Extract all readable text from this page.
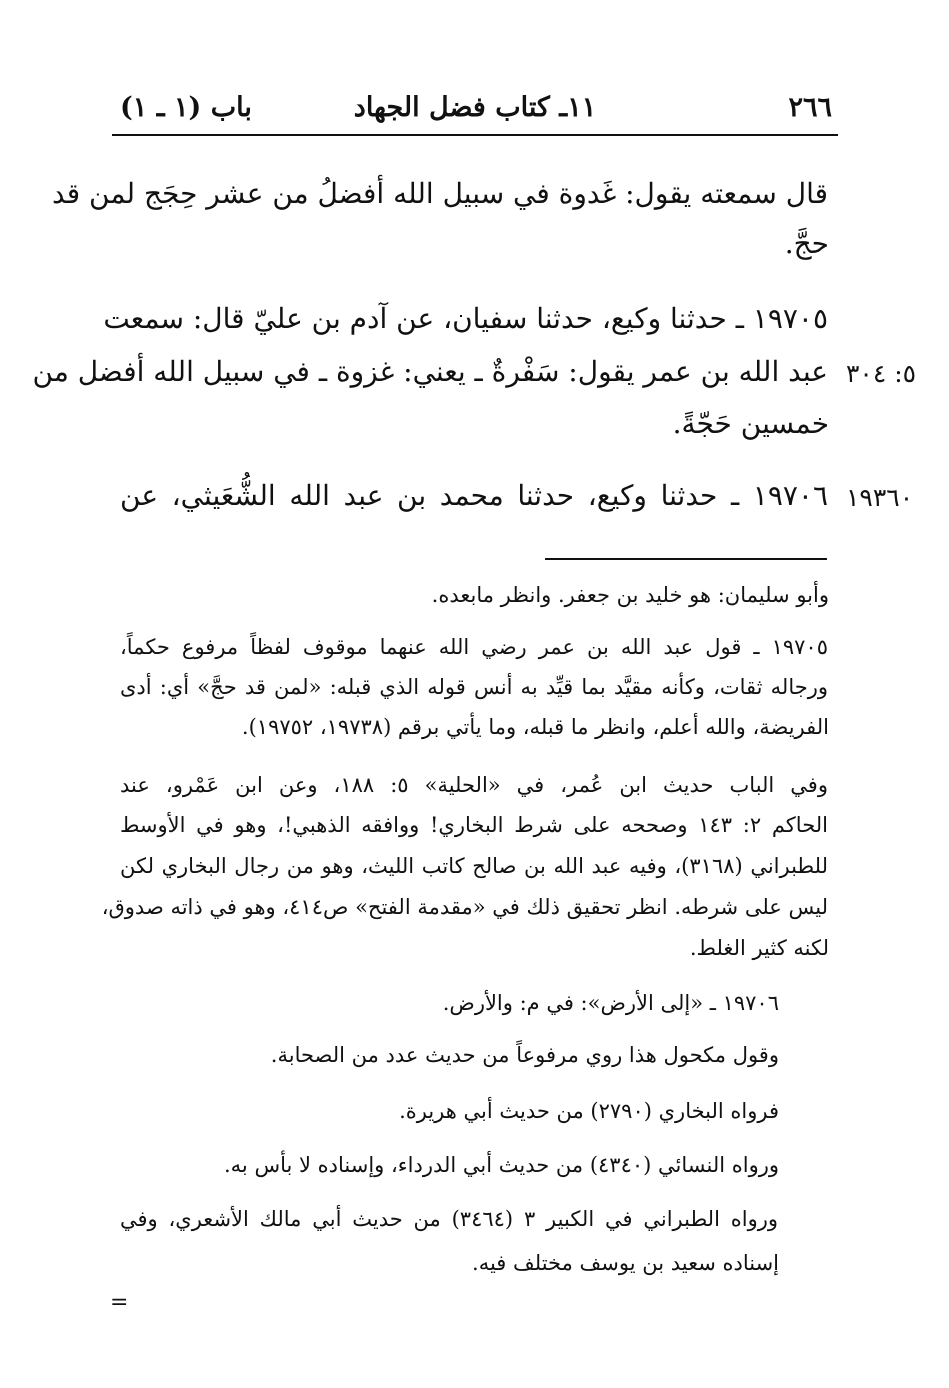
٢٦٦
١١ـ كتاب فضل الجهاد
باب (١ ـ ١)
قال سمعته يقول: غَدوة في سبيل الله أفضلُ من عشر حِجَج لمن قد
حجَّ.
١٩٧٠٥ ـ حدثنا وكيع، حدثنا سفيان، عن آدم بن عليّ قال: سمعت
عبد الله بن عمر يقول: سَفْرةٌ ـ يعني: غزوة ـ في سبيل الله أفضل من
خمسين حَجّةً.
١٩٧٠٦ ـ حدثنا وكيع، حدثنا محمد بن عبد الله الشُّعَيثي، عن
٥: ٣٠٤
١٩٣٦٠
وأبو سليمان: هو خليد بن جعفر. وانظر مابعده.
١٩٧٠٥ ـ قول عبد الله بن عمر رضي الله عنهما موقوف لفظاً مرفوع حكماً،
ورجاله ثقات، وكأنه مقيَّد بما قيِّد به أنس قوله الذي قبله: «لمن قد حجَّ» أي: أدى
الفريضة، والله أعلم، وانظر ما قبله، وما يأتي برقم (١٩٧٣٨، ١٩٧٥٢).
وفي الباب حديث ابن عُمر، في «الحلية» ٥: ١٨٨، وعن ابن عَمْرو، عند
الحاكم ٢: ١٤٣ وصححه على شرط البخاري! ووافقه الذهبي!، وهو في الأوسط
للطبراني (٣١٦٨)، وفيه عبد الله بن صالح كاتب الليث، وهو من رجال البخاري لكن
ليس على شرطه. انظر تحقيق ذلك في «مقدمة الفتح» ص٤١٤، وهو في ذاته صدوق،
لكنه كثير الغلط.
١٩٧٠٦ ـ «إلى الأرض»: في م: والأرض.
وقول مكحول هذا روي مرفوعاً من حديث عدد من الصحابة.
فرواه البخاري (٢٧٩٠) من حديث أبي هريرة.
ورواه النسائي (٤٣٤٠) من حديث أبي الدرداء، وإسناده لا بأس به.
ورواه الطبراني في الكبير ٣ (٣٤٦٤) من حديث أبي مالك الأشعري، وفي
إسناده سعيد بن يوسف مختلف فيه.
=
